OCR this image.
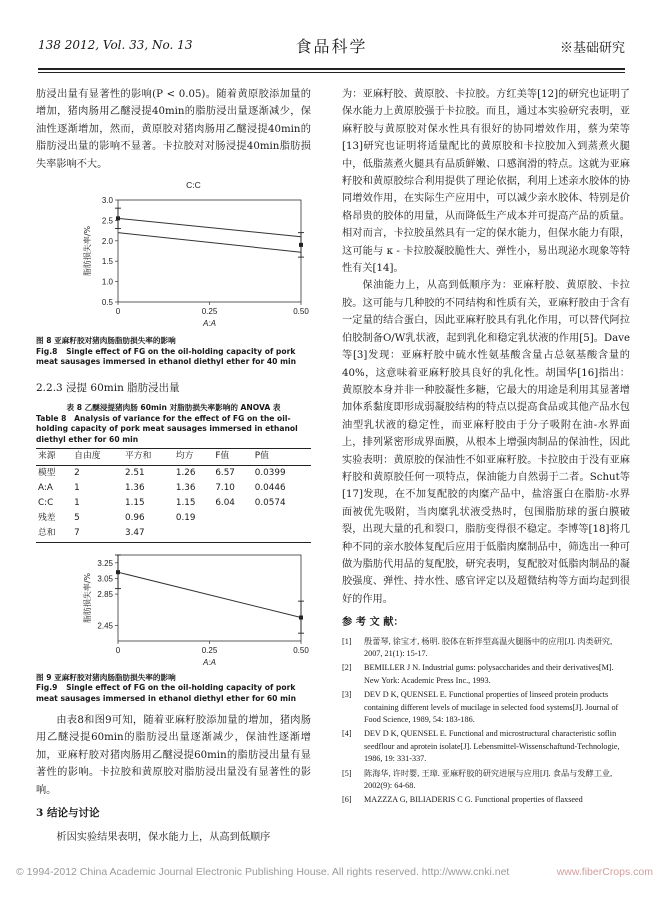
138 2012, Vol. 33, No. 13	食品科学	※基础研究

肪浸出量有显著性的影响(P < 0.05)。随着黄原胶添加量的增加，猪肉肠用乙醚浸提40min的脂肪浸出量逐渐减少，保油性逐渐增加，然而，黄原胶对猪肉肠用乙醚浸提40min的脂肪浸出量的影响不显著。卡拉胶对对肠浸提40min脂肪损失率影响不大。

C:C
0.5
1.0
1.5
2.0
2.5
3.0
0	0.25	0.50
A:A
脂肪损失率/%

图 8 亚麻籽胶对猪肉肠脂肪损失率的影响

Fig.8 Single effect of FG on the oil-holding capacity of pork meat sausages immersed in ethanol diethyl ether for 40 min

2.2.3 浸提 60min 脂肪浸出量

表 8 乙醚浸提猪肉肠 60min 对脂肪损失率影响的 ANOVA 表

Table 8 Analysis of variance for the effect of FG on the oil-holding capacity of pork meat sausages immersed in ethanol diethyl ether for 60 min

来源	自由度	平方和	均方	F值	P值
模型	2	2.51	1.26	6.57	0.0399
A:A	1	1.36	1.36	7.10	0.0446
C:C	1	1.15	1.15	6.04	0.0574
残差	5	0.96	0.19		
总和	7	3.47			
2.45
2.85
3.05
3.25
0	0.25	0.50
A:A
脂肪损失率/%

图 9 亚麻籽胶对猪肉肠脂肪损失率的影响

Fig.9 Single effect of FG on the oil-holding capacity of pork meat sausages immersed in ethanol diethyl ether for 60 min

由表8和图9可知，随着亚麻籽胶添加量的增加，猪肉肠用乙醚浸提60min的脂肪浸出量逐渐减少，保油性逐渐增加，亚麻籽胶对猪肉肠用乙醚浸提60min的脂肪浸出量有显著性的影响。卡拉胶和黄原胶对脂肪浸出量没有显著性的影响。

3 结论与讨论

析因实验结果表明，保水能力上，从高到低顺序

为：亚麻籽胶、黄原胶、卡拉胶。方红美等[12]的研究也证明了保水能力上黄原胶强于卡拉胶。而且，通过本实验研究表明，亚麻籽胶与黄原胶对保水性具有很好的协同增效作用，蔡为荣等[13]研究也证明将适量配比的黄原胶和卡拉胶加入到蒸煮火腿中，低脂蒸煮火腿具有品质鲜嫩、口感润滑的特点。这就为亚麻籽胶和黄原胶综合利用提供了理论依据，利用上述亲水胶体的协同增效作用，在实际生产应用中，可以减少亲水胶体、特别是价格昂贵的胶体的用量，从而降低生产成本并可提高产品的质量。相对而言，卡拉胶虽然具有一定的保水能力，但保水能力有限，这可能与 κ - 卡拉胶凝胶脆性大、弹性小，易出现泌水现象等特性有关[14]。

保油能力上，从高到低顺序为：亚麻籽胶、黄原胶、卡拉胶。这可能与几种胶的不同结构和性质有关，亚麻籽胶由于含有一定量的结合蛋白，因此亚麻籽胶具有乳化作用，可以替代阿拉伯胶制备O/W乳状液，起到乳化和稳定乳状液的作用[5]。Dave等[3]发现：亚麻籽胶中硫水性氨基酸含量占总氨基酸含量的40%，这意味着亚麻籽胶具良好的乳化性。胡国华[16]指出：黄原胶本身并非一种胶凝性多糖，它最大的用途是利用其显著增加体系黏度即形成弱凝胶结构的特点以提高食品或其他产品水包油型乳状液的稳定性，而亚麻籽胶由于分子吸附在油-水界面上，排列紧密形成界面膜，从根本上增强肉制品的保油性，因此实验表明：黄原胶的保油性不如亚麻籽胶。卡拉胶由于没有亚麻籽胶和黄原胶任何一项特点，保油能力自然弱于二者。Schut等[17]发现，在不加复配胶的肉糜产品中，盐溶蛋白在脂肪-水界面被优先吸附，当肉糜乳状液受热时，包围脂肪球的蛋白膜破裂，出现大量的孔和裂口，脂肪变得很不稳定。李博等[18]将几种不同的亲水胶体复配后应用于低脂肉糜制品中，筛选出一种可做为脂肪代用品的复配胶，研究表明，复配胶对低脂肉制品的凝胶强度、弹性、持水性、感官评定以及超微结构等方面均起到很好的作用。

参 考 文 献：
[1]	殷蕾琴, 徐宝才, 杨明. 胶体在斩拌型高温火腿肠中的应用[J]. 肉类研究, 2007, 21(1): 15-17.
[2]	BEMILLER J N. Industrial gums: polysaccharides and their derivatives[M]. New York: Academic Press Inc., 1993.
[3]	DEV D K, QUENSEL E. Functional properties of linseed protein products containing different levels of mucilage in selected food systems[J]. Journal of Food Science, 1989, 54: 183-186.
[4]	DEV D K, QUENSEL E. Functional and microstructural characteristic soflin seedflour and aprotein isolate[J]. Lebensmittel-Wissenschaftund-Technologie, 1986, 19: 331-337.
[5]	陈海华, 许时婴, 王璋. 亚麻籽胶的研究进展与应用[J]. 食品与发酵工业, 2002(9): 64-68.
[6]	MAZZZA G, BILIADERIS C G. Functional properties of flaxseed
© 1994-2012 China Academic Journal Electronic Publishing House. All rights reserved. http://www.cnki.net	www.fiberCrops.com
